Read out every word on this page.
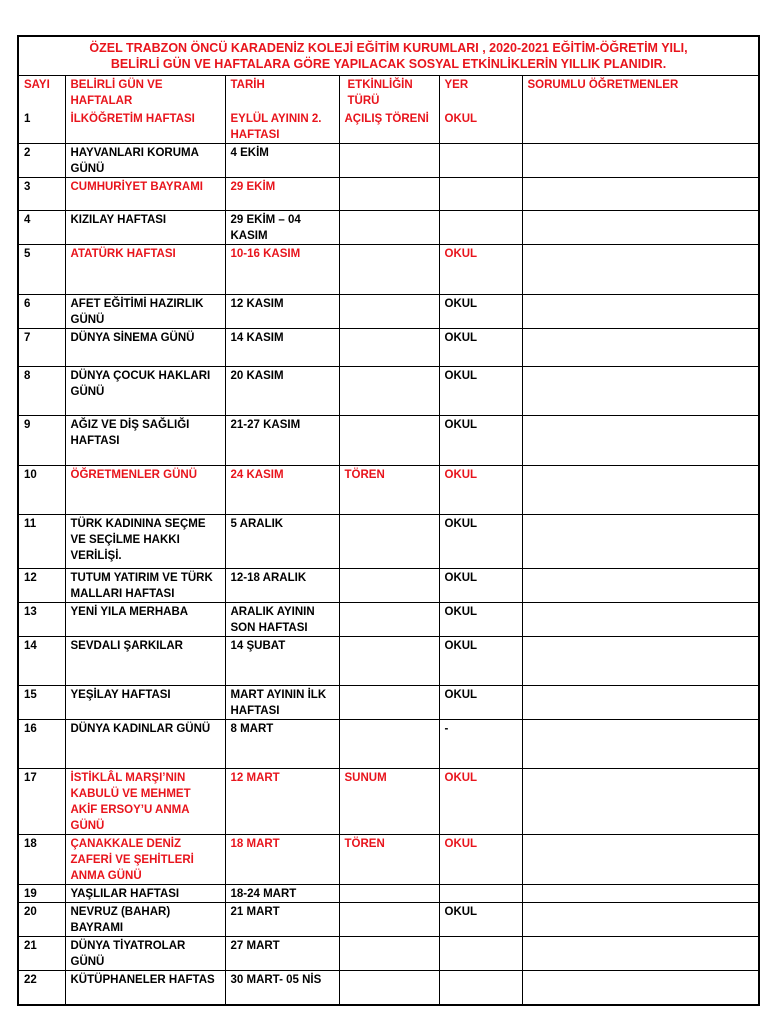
ÖZEL TRABZON ÖNCÜ KARADENİZ KOLEJİ EĞİTİM KURUMLARI , 2020-2021 EĞİTİM-ÖĞRETİM YILI,
BELİRLİ GÜN VE HAFTALARA GÖRE YAPILACAK SOSYAL ETKİNLİKLERİN YILLIK PLANIDIR.
SAYI	BELİRLİ GÜN VE HAFTALAR	TARİH	ETKİNLİĞİN TÜRÜ	YER	SORUMLU ÖĞRETMENLER
1	İLKÖĞRETİM HAFTASI	EYLÜL AYININ 2. HAFTASI	AÇILIŞ TÖRENİ	OKUL	
2	HAYVANLARI KORUMA GÜNÜ	4 EKİM			
3	CUMHURİYET BAYRAMI	29 EKİM			
4	KIZILAY HAFTASI	29 EKİM – 04 KASIM			
5	ATATÜRK HAFTASI	10-16 KASIM		OKUL	
6	AFET EĞİTİMİ HAZIRLIK GÜNÜ	12 KASIM		OKUL	
7	DÜNYA SİNEMA GÜNÜ	14 KASIM		OKUL	
8	DÜNYA ÇOCUK HAKLARI GÜNÜ	20 KASIM		OKUL	
9	AĞIZ VE DİŞ SAĞLIĞI HAFTASI	21-27 KASIM		OKUL	
10	ÖĞRETMENLER GÜNÜ	24 KASIM	TÖREN	OKUL	
11	TÜRK KADININA SEÇME VE SEÇİLME HAKKI VERİLİŞİ.	5 ARALIK		OKUL	
12	TUTUM YATIRIM VE TÜRK MALLARI HAFTASI	12-18 ARALIK		OKUL	
13	YENİ YILA MERHABA	ARALIK AYININ SON HAFTASI		OKUL	
14	SEVDALI ŞARKILAR	14 ŞUBAT		OKUL	
15	YEŞİLAY HAFTASI	MART AYININ İLK HAFTASI		OKUL	
16	DÜNYA KADINLAR GÜNÜ	8 MART		-	
17	İSTİKLÂL MARŞI’NIN KABULÜ VE MEHMET AKİF ERSOY’U ANMA GÜNÜ	12 MART	SUNUM	OKUL	
18	ÇANAKKALE DENİZ ZAFERİ VE ŞEHİTLERİ ANMA GÜNÜ	18 MART	TÖREN	OKUL	
19	YAŞLILAR HAFTASI	18-24 MART			
20	NEVRUZ (BAHAR) BAYRAMI	21 MART		OKUL	
21	DÜNYA TİYATROLAR GÜNÜ	27 MART			
22	KÜTÜPHANELER HAFTAS	30 MART- 05 NİS			
